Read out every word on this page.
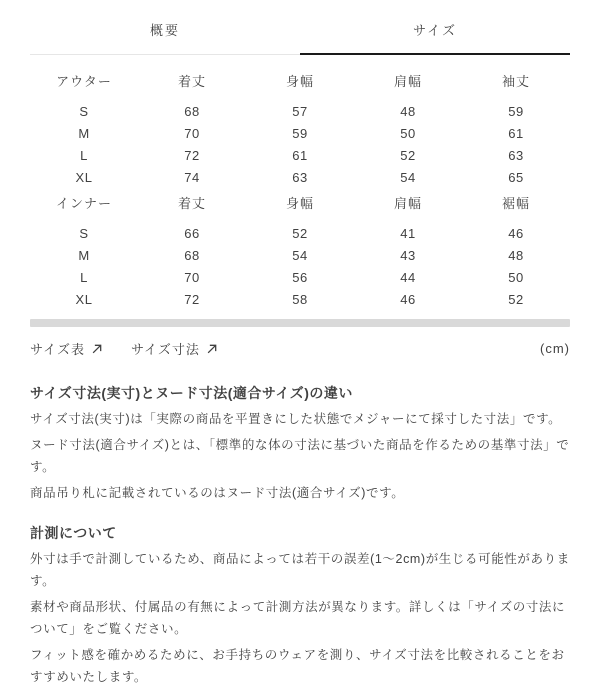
概要	サイズ
アウター	着丈	身幅	肩幅	袖丈
S	68	57	48	59
M	70	59	50	61
L	72	61	52	63
XL	74	63	54	65
インナー	着丈	身幅	肩幅	裾幅
S	66	52	41	46
M	68	54	43	48
L	70	56	44	50
XL	72	58	46	52
サイズ表	サイズ寸法	(cm)
サイズ寸法(実寸)とヌード寸法(適合サイズ)の違い

サイズ寸法(実寸)は「実際の商品を平置きにした状態でメジャーにて採寸した寸法」です。

ヌード寸法(適合サイズ)とは、「標準的な体の寸法に基づいた商品を作るための基準寸法」です。

商品吊り札に記載されているのはヌード寸法(適合サイズ)です。

計測について

外寸は手で計測しているため、商品によっては若干の誤差(1〜2cm)が生じる可能性があります。

素材や商品形状、付属品の有無によって計測方法が異なります。詳しくは「サイズの寸法について」をご覧ください。

フィット感を確かめるために、お手持ちのウェアを測り、サイズ寸法を比較されることをおすすめいたします。
